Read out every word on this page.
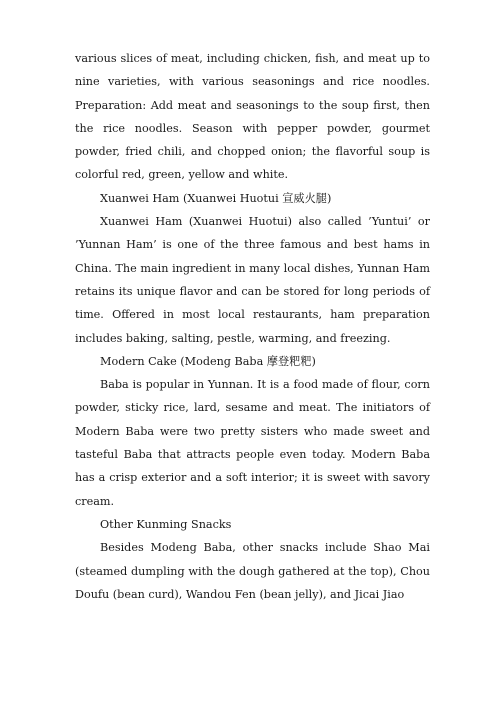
various slices of meat, including chicken, fish, and meat up to nine varieties, with various seasonings and rice noodles. Preparation: Add meat and seasonings to the soup first, then the rice noodles. Season with pepper powder, gourmet powder, fried chili, and chopped onion; the flavorful soup is colorful red, green, yellow and white.

Xuanwei Ham (Xuanwei Huotui 宣威火腿)

Xuanwei Ham (Xuanwei Huotui) also called ’Yuntui’ or ’Yunnan Ham’ is one of the three famous and best hams in China. The main ingredient in many local dishes, Yunnan Ham retains its unique flavor and can be stored for long periods of time. Offered in most local restaurants, ham preparation includes baking, salting, pestle, warming, and freezing.

Modern Cake (Modeng Baba 摩登粑粑)

Baba is popular in Yunnan. It is a food made of flour, corn powder, sticky rice, lard, sesame and meat. The initiators of Modern Baba were two pretty sisters who made sweet and tasteful Baba that attracts people even today. Modern Baba has a crisp exterior and a soft interior; it is sweet with savory cream.

Other Kunming Snacks

Besides Modeng Baba, other snacks include Shao Mai (steamed dumpling with the dough gathered at the top), Chou Doufu (bean curd), Wandou Fen (bean jelly), and Jicai Jiao
